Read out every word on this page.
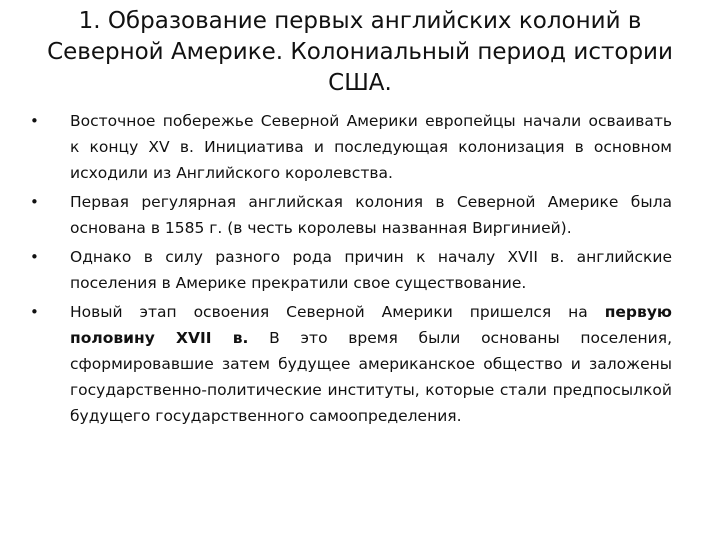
1. Образование первых английских колоний в Северной Америке. Колониальный период истории США.
•	Восточное побережье Северной Америки европейцы начали осваивать к концу XV в. Инициатива и последующая колонизация в основном исходили из Английского королевства.
•	Первая регулярная английская колония в Северной Америке была основана в 1585 г. (в честь королевы названная Виргинией).
•	Однако в силу разного рода причин к началу XVII в. английские поселения в Америке прекратили свое существование.
•	Новый этап освоения Северной Америки пришелся на первую половину XVII в. В это время были основаны поселения, сформировавшие затем будущее американское общество и заложены государственно-политические институты, которые стали предпосылкой будущего государственного самоопределения.
